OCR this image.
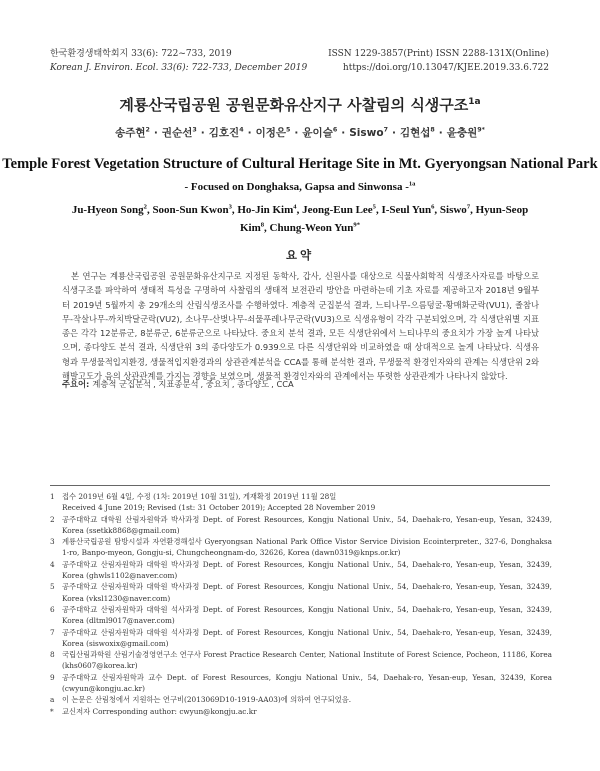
한국환경생태학회지 33(6): 722~733, 2019
Korean J. Environ. Ecol. 33(6): 722-733, December 2019
ISSN 1229-3857(Print) ISSN 2288-131X(Online)
https://doi.org/10.13047/KJEE.2019.33.6.722
계룡산국립공원 공원문화유산지구 사찰림의 식생구조$^{1a}$
송주현$^2$ · 권순선$^3$ · 김호진$^4$ · 이정은$^5$ · 윤이슬$^6$ · Siswo$^7$ · 김현섭$^8$ · 윤충원$^{9*}$
Temple Forest Vegetation Structure of Cultural Heritage Site in Mt. Gyeryongsan National Park
- Focused on Donghaksa, Gapsa and Sinwonsa -$^{1a}$
Ju-Hyeon Song$^2$, Soon-Sun Kwon$^3$, Ho-Jin Kim$^4$, Jeong-Eun Lee$^5$, I-Seul Yun$^6$, Siswo$^7$, Hyun-Seop Kim$^8$, Chung-Weon Yun$^{9*}$
요약

본 연구는 계룡산국립공원 공원문화유산지구로 지정된 동학사, 갑사, 신원사를 대상으로 식물사회학적 식생조사자료를 바탕으로 식생구조를 파악하여 생태적 특성을 구명하여 사찰림의 생태적 보전관리 방안을 마련하는데 기초 자료를 제공하고자 2018년 9월부터 2019년 5월까지 총 29개소의 산림식생조사를 수행하였다. 계층적 군집분석 결과, 느티나무-으름덩굴-황매화군락(VU1), 졸참나무-작살나무-까치박달군락(VU2), 소나무-산벚나무-쇠물푸레나무군락(VU3)으로 식생유형이 각각 구분되었으며, 각 식생단위별 지표종은 각각 12분류군, 8분류군, 6분류군으로 나타났다. 중요치 분석 결과, 모든 식생단위에서 느티나무의 중요치가 가장 높게 나타났으며, 종다양도 분석 결과, 식생단위 3의 종다양도가 0.939으로 다른 식생단위와 비교하였을 때 상대적으로 높게 나타났다. 식생유형과 무생물적입지환경, 생물적입지환경과의 상관관계분석을 CCA를 통해 분석한 결과, 무생물적 환경인자와의 관계는 식생단위 2와 해발고도가 음의 상관관계를 가지는 경향을 보였으며, 생물적 환경인자와의 관계에서는 뚜렷한 상관관계가 나타나지 않았다.

주요어: 계층적 군집분석 , 지표종분석 , 중요치 , 종다양도 , CCA
1	접수 2019년 6월 4일, 수정 (1차: 2019년 10월 31일), 게재확정 2019년 11월 28일
Received 4 June 2019; Revised (1st: 31 October 2019); Accepted 28 November 2019
2	공주대학교 대학원 산림자원학과 박사과정 Dept. of Forest Resources, Kongju National Univ., 54, Daehak-ro, Yesan-eup, Yesan, 32439, Korea (ssetkk8868@gmail.com)
3	계룡산국립공원 탐방시설과 자연환경해설사 Gyeryongsan National Park Office Vistor Service Division Ecointerpreter., 327-6, Donghaksa 1-ro, Banpo-myeon, Gongju-si, Chungcheongnam-do, 32626, Korea (dawn0319@knps.or.kr)
4	공주대학교 산림자원학과 대학원 박사과정 Dept. of Forest Resources, Kongju National Univ., 54, Daehak-ro, Yesan-eup, Yesan, 32439, Korea (ghwls1102@naver.com)
5	공주대학교 산림자원학과 대학원 박사과정 Dept. of Forest Resources, Kongju National Univ., 54, Daehak-ro, Yesan-eup, Yesan, 32439, Korea (vksl1230@naver.com)
6	공주대학교 산림자원학과 대학원 석사과정 Dept. of Forest Resources, Kongju National Univ., 54, Daehak-ro, Yesan-eup, Yesan, 32439, Korea (dltml9017@naver.com)
7	공주대학교 산림자원학과 대학원 석사과정 Dept. of Forest Resources, Kongju National Univ., 54, Daehak-ro, Yesan-eup, Yesan, 32439, Korea (siswoxix@gmail.com)
8	국립산림과학원 산림기술경영연구소 연구사 Forest Practice Research Center, National Institute of Forest Science, Pocheon, 11186, Korea (khs0607@korea.kr)
9	공주대학교 산림자원학과 교수 Dept. of Forest Resources, Kongju National Univ., 54, Daehak-ro, Yesan-eup, Yesan, 32439, Korea (cwyun@kongju.ac.kr)
a	이 논문은 산림청에서 지원하는 연구비(2013069D10-1919-AA03)에 의하여 연구되었음.
*	교신저자 Corresponding author: cwyun@kongju.ac.kr
